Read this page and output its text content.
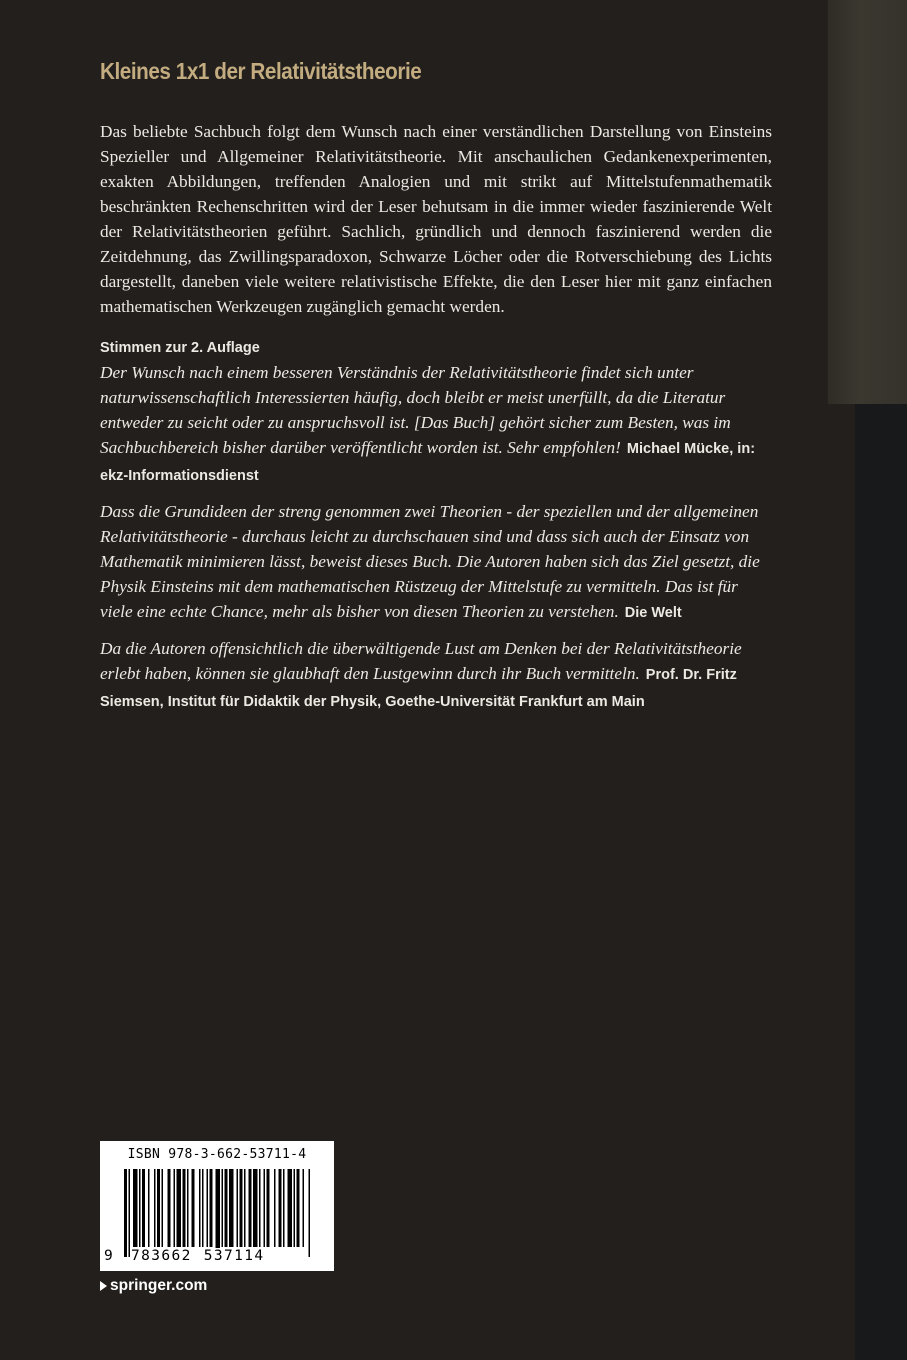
Kleines 1x1 der Relativitätstheorie

Das beliebte Sachbuch folgt dem Wunsch nach einer verständlichen Darstellung von Einsteins Spezieller und Allgemeiner Relativitätstheorie. Mit anschaulichen Gedankenexperimenten, exakten Abbildungen, treffenden Analogien und mit strikt auf Mittelstufenmathematik beschränkten Rechenschritten wird der Leser behutsam in die immer wieder faszinierende Welt der Relativitätstheorien geführt. Sachlich, gründlich und dennoch faszinierend werden die Zeitdehnung, das Zwillingsparadoxon, Schwarze Löcher oder die Rotverschiebung des Lichts dargestellt, daneben viele weitere relativistische Effekte, die den Leser hier mit ganz einfachen mathematischen Werkzeugen zugänglich gemacht werden.

Stimmen zur 2. Auflage

Der Wunsch nach einem besseren Verständnis der Relativitätstheorie findet sich unter naturwissenschaftlich Interessierten häufig, doch bleibt er meist unerfüllt, da die Literatur entweder zu seicht oder zu anspruchsvoll ist. [Das Buch] gehört sicher zum Besten, was im Sachbuchbereich bisher darüber veröffentlicht worden ist. Sehr empfohlen! Michael Mücke, in: ekz-Informationsdienst

Dass die Grundideen der streng genommen zwei Theorien - der speziellen und der allgemeinen Relativitätstheorie - durchaus leicht zu durchschauen sind und dass sich auch der Einsatz von Mathematik minimieren lässt, beweist dieses Buch. Die Autoren haben sich das Ziel gesetzt, die Physik Einsteins mit dem mathematischen Rüstzeug der Mittelstufe zu vermitteln. Das ist für viele eine echte Chance, mehr als bisher von diesen Theorien zu verstehen. Die Welt

Da die Autoren offensichtlich die überwältigende Lust am Denken bei der Relativitätstheorie erlebt haben, können sie glaubhaft den Lustgewinn durch ihr Buch vermitteln. Prof. Dr. Fritz Siemsen, Institut für Didaktik der Physik, Goethe-Universität Frankfurt am Main

ISBN 978-3-662-53711-4
9 783662 537114
springer.com
